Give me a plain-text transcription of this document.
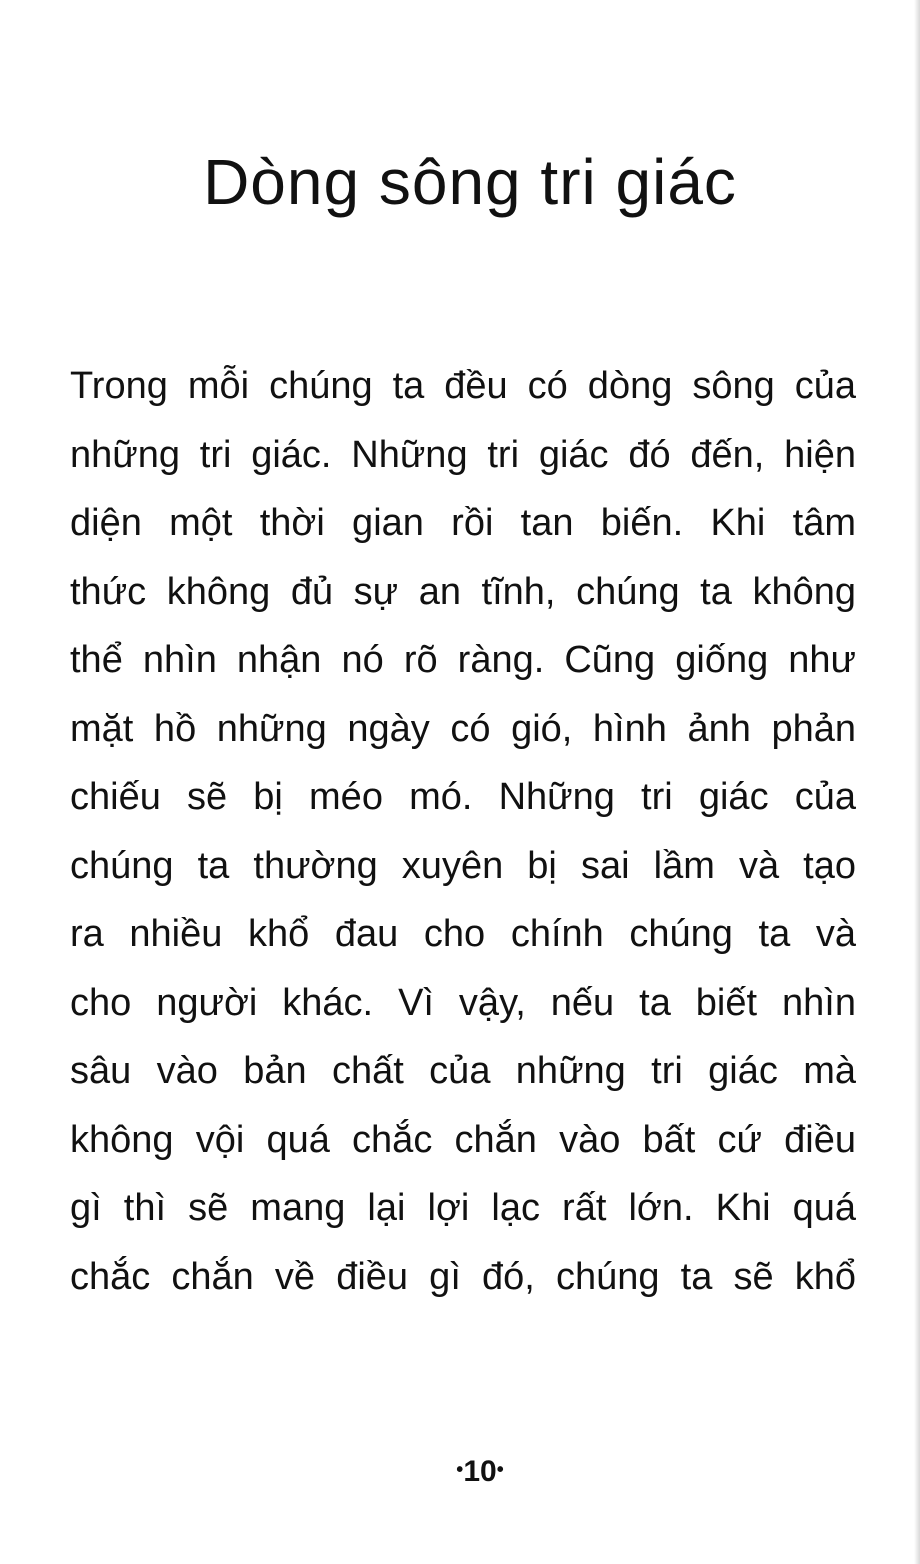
Dòng sông tri giác
Trong mỗi chúng ta đều có dòng sông của
những tri giác. Những tri giác đó đến, hiện
diện một thời gian rồi tan biến. Khi tâm
thức không đủ sự an tĩnh, chúng ta không
thể nhìn nhận nó rõ ràng. Cũng giống như
mặt hồ những ngày có gió, hình ảnh phản
chiếu sẽ bị méo mó. Những tri giác của
chúng ta thường xuyên bị sai lầm và tạo
ra nhiều khổ đau cho chính chúng ta và
cho người khác. Vì vậy, nếu ta biết nhìn
sâu vào bản chất của những tri giác mà
không vội quá chắc chắn vào bất cứ điều
gì thì sẽ mang lại lợi lạc rất lớn. Khi quá
chắc chắn về điều gì đó, chúng ta sẽ khổ
•10•
